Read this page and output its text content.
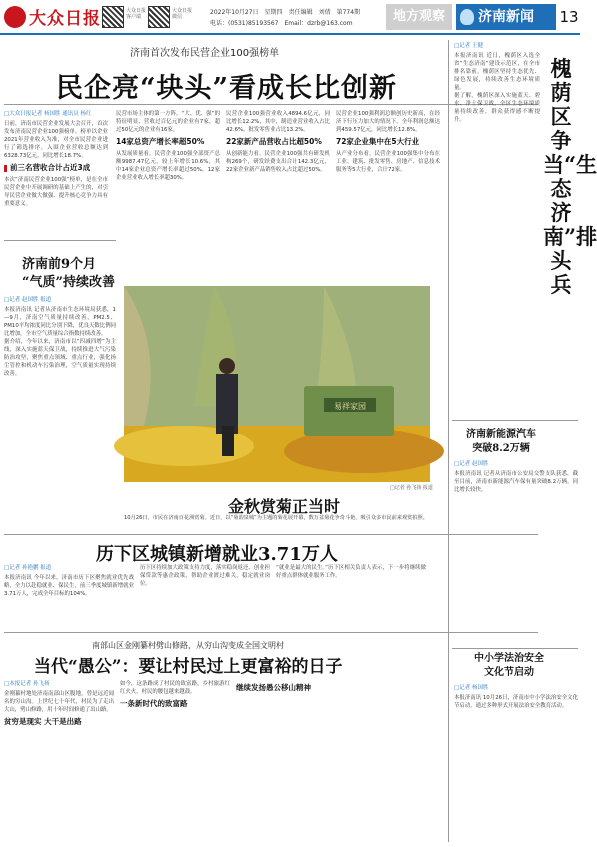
大众日报	大众日报客户端
大众日报微信
2022年10月27日 星期四 责任编辑 刘倩 第774期
电话：(0531)85193567 Email：dzrb@163.com	地方观察	济南新闻	13
济南首次发布民营企业100强榜单
民企亮“块头”看成长比创新
□大众日报记者 杨国胜 通讯员 杨红

日前，济南市民营企业发展大会召开，首次发布济南民营企业100强榜单。榜单以企业2021年营业收入为准，对全市民营企业进行了筛选排序，入围企业营收总额达到6328.73亿元，同比增长18.7%。

前三名营收合计占近3成

本次“济南民营企业100强”榜单，是在全市民营企业中开展调研的基础上产生的，对引导民营企业做大做强、提升核心竞争力具有重要意义。

民营市场主体的第一方阵，“大、优、强”的特征明显，营收过百亿元的企业有7家，超过50亿元的企业有16家。

14家总资产增长率超50%

从发展质量看，民营企业100强全部资产总额9987.47亿元，较上年增长10.6%，其中14家企业总资产增长率超过50%，12家企业营业收入增长率超30%。

民营企业100强营业收入4894.6亿元，同比增长12.2%，其中，制造业营业收入占比42.6%，批发零售业占比13.2%。

22家新产品营收占比超50%

从创新能力看，民营企业100强共有研发机构269个，研发经费支出合计142.3亿元，22家企业新产品销售收入占比超过50%。

民营企业100强利润总额创历史新高，在经济下行压力加大的情况下，全年利润总额达到459.57亿元，同比增长12.8%。

72家企业集中在5大行业

从产业分布看，民营企业100强集中分布在工业、建筑、批发零售、房地产、信息技术服务等5大行业，合计72家。

济南前9个月
“气质”持续改善
□记者 赵国胜 报道

本报济南讯 记者从济南市生态环境局获悉，1—9月，济南空气质量持续改善，PM2.5、PM10平均浓度同比分别下降，优良天数比例同比增加，全市空气质量综合指数持续改善。

据介绍，今年以来，济南市以“四减四增”为主线，深入实施蓝天保卫战，持续推进大气污染防治攻坚，聚焦重点领域、重点行业，强化扬尘管控和机动车污染治理，空气质量实现持续改善。

易祥家园
□记者 孙飞扬 报道
金秋赏菊正当时
10月26日，市民在济南百花洲赏菊。近日，以“菊韵泉城”为主题的菊花展开幕，数万盆菊花争奇斗艳，吸引众多市民前来观赏拍照。
历下区城镇新增就业3.71万人
□记者 孙艳鹏 报道

本报济南讯 今年以来，济南市历下区聚焦就业优先战略，全力以赴稳就业、保民生，前三季度城镇新增就业3.71万人，完成全年目标的104%。

历下区持续加大政策支持力度，落实稳岗返还、创业担保贷款等惠企政策，帮助企业渡过难关，稳定就业岗位。

“就业是最大的民生。”历下区相关负责人表示，下一步将继续做好重点群体就业服务工作。

南部山区金刚纂村劈山修路，从穷山沟变成全国文明村
当代“愚公”：要让村民过上更富裕的日子
□本报记者 孙飞扬

金刚纂村地处济南南部山区腹地，曾是远近闻名的穷山沟。上世纪七十年代，村民为了走出大山，劈山修路，用十年时间修通了出山路。

贫穷是现实 大干是出路

如今，这条路成了村民的致富路，乡村旅游红红火火，村民的腰包越来越鼓。

一条新时代的致富路
继续发扬愚公移山精神
□记者 王健

本报济南讯 近日，槐荫区入选全省“生态济南”建设示范区，在全市排名靠前。槐荫区坚持生态优先、绿色发展，持续改善生态环境质量。

据了解，槐荫区深入实施蓝天、碧水、净土保卫战，全区生态环境质量持续改善，群众获得感不断提升。

槐荫区争当“生态济南”排头兵
济南新能源汽车
突破8.2万辆
□记者 赵国胜

本报济南讯 记者从济南市公安局交警支队获悉，截至目前，济南市新能源汽车保有量突破8.2万辆，同比增长较快。

中小学法治安全
文化节启动
□记者 杨国胜

本报济南讯 10月26日，济南市中小学法治安全文化节启动，通过多种形式开展法治安全教育活动。
